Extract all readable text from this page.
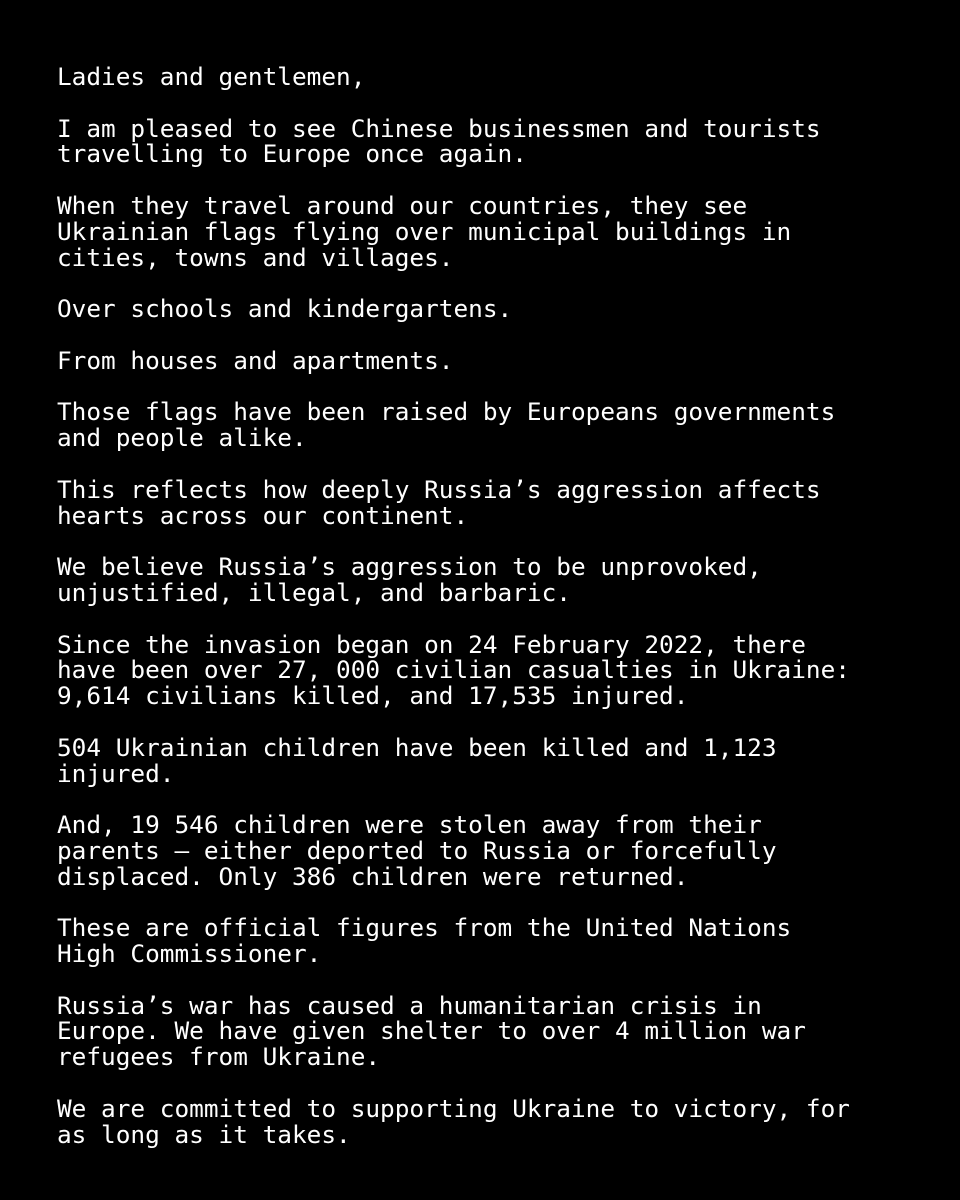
Ladies and gentlemen,

I am pleased to see Chinese businessmen and tourists
travelling to Europe once again.

When they travel around our countries, they see
Ukrainian flags flying over municipal buildings in
cities, towns and villages.

Over schools and kindergartens.

From houses and apartments.

Those flags have been raised by Europeans governments
and people alike.

This reflects how deeply Russia’s aggression affects
hearts across our continent.

We believe Russia’s aggression to be unprovoked,
unjustified, illegal, and barbaric.

Since the invasion began on 24 February 2022, there
have been over 27, 000 civilian casualties in Ukraine:
9,614 civilians killed, and 17,535 injured.

504 Ukrainian children have been killed and 1,123
injured.

And, 19 546 children were stolen away from their
parents – either deported to Russia or forcefully
displaced. Only 386 children were returned.

These are official figures from the United Nations
High Commissioner.

Russia’s war has caused a humanitarian crisis in
Europe. We have given shelter to over 4 million war
refugees from Ukraine.

We are committed to supporting Ukraine to victory, for
as long as it takes.
